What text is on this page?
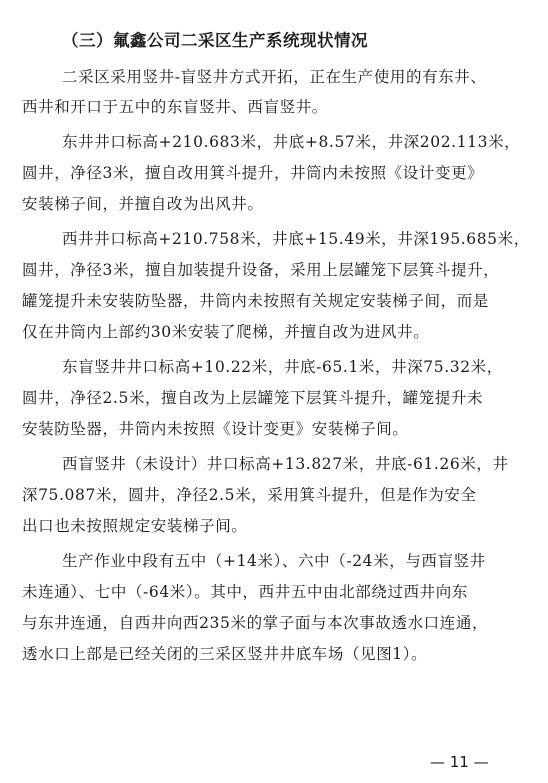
（三）氟鑫公司二采区生产系统现状情况
二采区采用竖井-盲竖井方式开拓，正在生产使用的有东井、
西井和开口于五中的东盲竖井、西盲竖井。
东井井口标高+210.683米，井底+8.57米，井深202.113米，
圆井，净径3米，擅自改用箕斗提升，井筒内未按照《设计变更》
安装梯子间，并擅自改为出风井。
西井井口标高+210.758米，井底+15.49米，井深195.685米，
圆井，净径3米，擅自加装提升设备，采用上层罐笼下层箕斗提升，
罐笼提升未安装防坠器，井筒内未按照有关规定安装梯子间，而是
仅在井筒内上部约30米安装了爬梯，并擅自改为进风井。
东盲竖井井口标高+10.22米，井底-65.1米，井深75.32米，
圆井，净径2.5米，擅自改为上层罐笼下层箕斗提升，罐笼提升未
安装防坠器，井筒内未按照《设计变更》安装梯子间。
西盲竖井（未设计）井口标高+13.827米，井底-61.26米，井
深75.087米，圆井，净径2.5米，采用箕斗提升，但是作为安全
出口也未按照规定安装梯子间。
生产作业中段有五中（+14米）、六中（-24米，与西盲竖井
未连通）、七中（-64米）。其中，西井五中由北部绕过西井向东
与东井连通，自西井向西235米的掌子面与本次事故透水口连通，
透水口上部是已经关闭的三采区竖井井底车场（见图1）。
— 11 —
